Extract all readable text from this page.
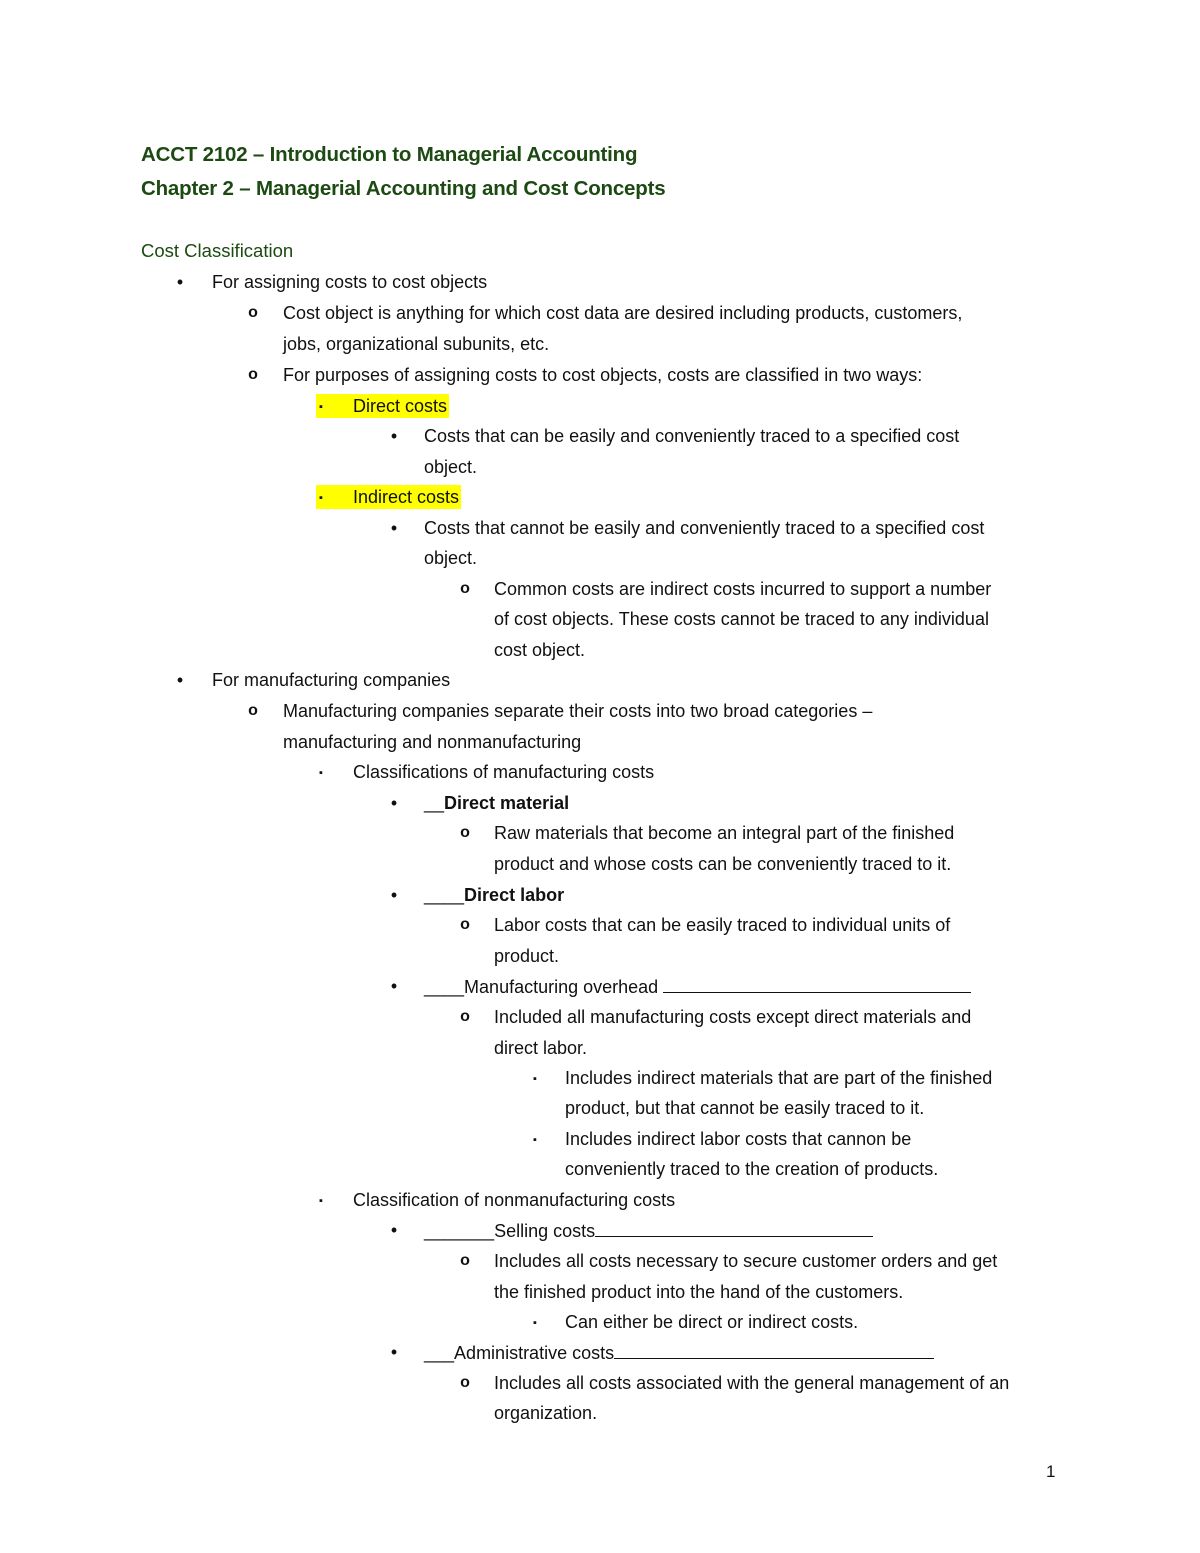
ACCT 2102 – Introduction to Managerial Accounting
Chapter 2 – Managerial Accounting and Cost Concepts
Cost Classification
• For assigning costs to cost objects
o Cost object is anything for which cost data are desired including products, customers,
jobs, organizational subunits, etc.
o For purposes of assigning costs to cost objects, costs are classified in two ways:
▪ Direct costs
• Costs that can be easily and conveniently traced to a specified cost
object.
▪ Indirect costs
• Costs that cannot be easily and conveniently traced to a specified cost
object.
o Common costs are indirect costs incurred to support a number
of cost objects. These costs cannot be traced to any individual
cost object.
• For manufacturing companies
o Manufacturing companies separate their costs into two broad categories –
manufacturing and nonmanufacturing
▪ Classifications of manufacturing costs
• __Direct material
o Raw materials that become an integral part of the finished
product and whose costs can be conveniently traced to it.
• ____Direct labor
o Labor costs that can be easily traced to individual units of
product.
• ____Manufacturing overhead
o Included all manufacturing costs except direct materials and
direct labor.
▪ Includes indirect materials that are part of the finished
product, but that cannot be easily traced to it.
▪ Includes indirect labor costs that cannon be
conveniently traced to the creation of products.
▪ Classification of nonmanufacturing costs
• _______Selling costs
o Includes all costs necessary to secure customer orders and get
the finished product into the hand of the customers.
▪ Can either be direct or indirect costs.
• ___Administrative costs
o Includes all costs associated with the general management of an
organization.
1
